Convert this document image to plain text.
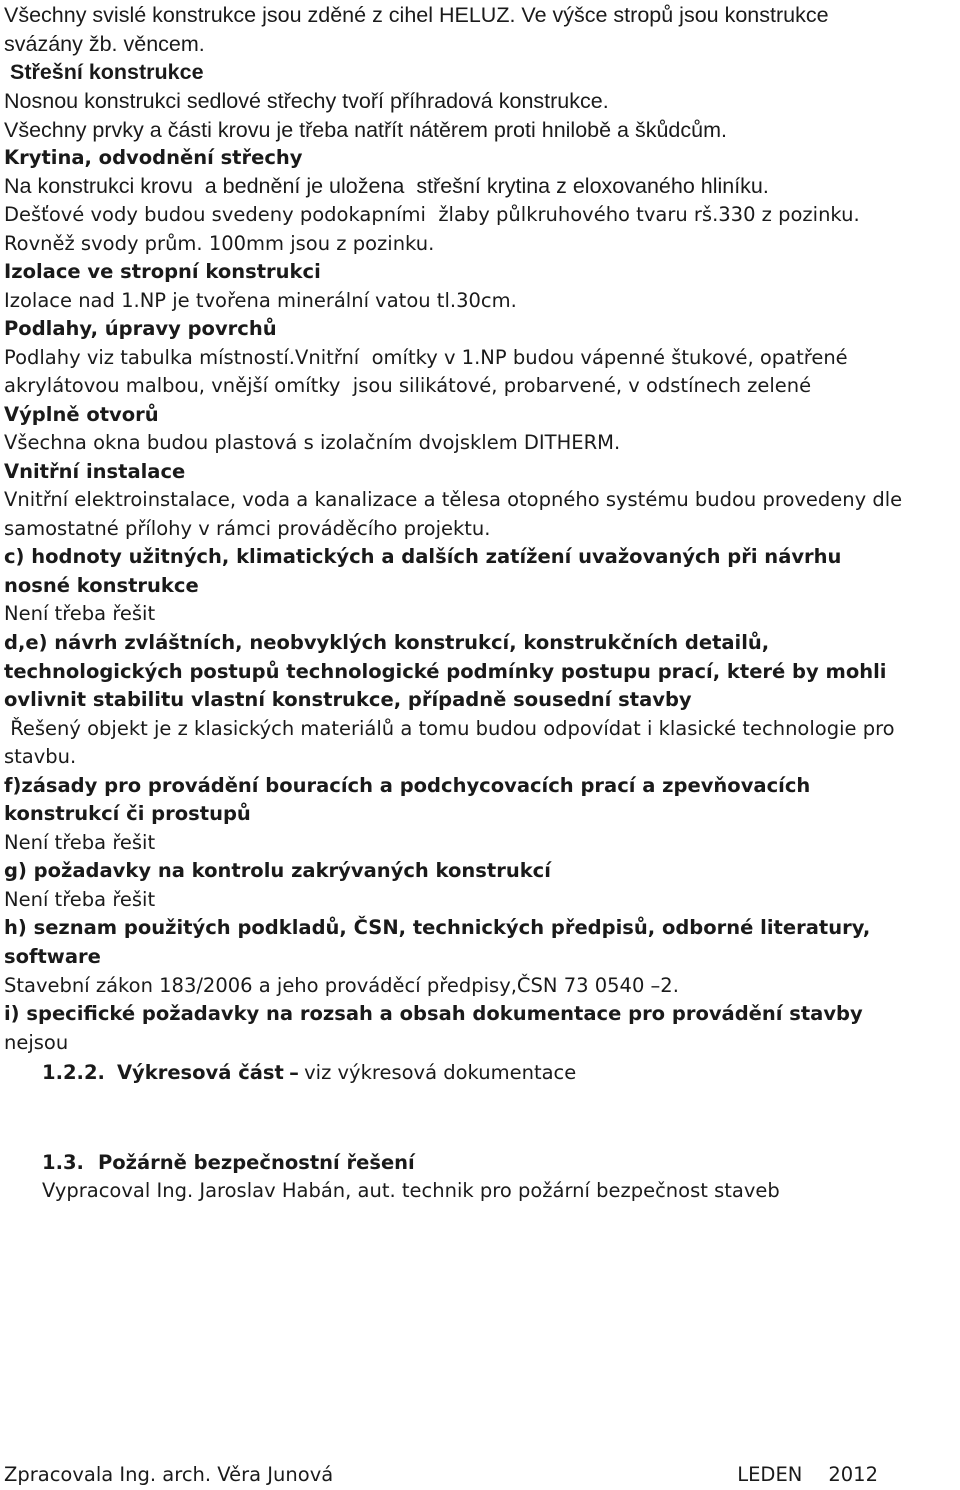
Všechny svislé konstrukce jsou zděné z cihel HELUZ. Ve výšce stropů jsou konstrukce

svázány žb. věncem.

Střešní konstrukce

Nosnou konstrukci sedlové střechy tvoří příhradová konstrukce.

Všechny prvky a části krovu je třeba natřít nátěrem proti hnilobě a škůdcům.

Krytina, odvodnění střechy

Na konstrukci krovu  a bednění je uložena  střešní krytina z eloxovaného hliníku.

Dešťové vody budou svedeny podokapními  žlaby půlkruhového tvaru rš.330 z pozinku.

Rovněž svody prům. 100mm jsou z pozinku.

Izolace ve stropní konstrukci

Izolace nad 1.NP je tvořena minerální vatou tl.30cm.

Podlahy, úpravy povrchů

Podlahy viz tabulka místností.Vnitřní  omítky v 1.NP budou vápenné štukové, opatřené

akrylátovou malbou, vnější omítky  jsou silikátové, probarvené, v odstínech zelené

Výplně otvorů

Všechna okna budou plastová s izolačním dvojsklem DITHERM.

Vnitřní instalace

Vnitřní elektroinstalace, voda a kanalizace a tělesa otopného systému budou provedeny dle

samostatné přílohy v rámci prováděcího projektu.

c) hodnoty užitných, klimatických a dalších zatížení uvažovaných při návrhu

nosné konstrukce

Není třeba řešit

d,e) návrh zvláštních, neobvyklých konstrukcí, konstrukčních detailů,

technologických postupů technologické podmínky postupu prací, které by mohli

ovlivnit stabilitu vlastní konstrukce, případně sousední stavby

Řešený objekt je z klasických materiálů a tomu budou odpovídat i klasické technologie pro

stavbu.

f)zásady pro provádění bouracích a podchycovacích prací a zpevňovacích

konstrukcí či prostupů

Není třeba řešit

g) požadavky na kontrolu zakrývaných konstrukcí

Není třeba řešit

h) seznam použitých podkladů, ČSN, technických předpisů, odborné literatury,

software

Stavební zákon 183/2006 a jeho prováděcí předpisy,ČSN 73 0540 –2.

i) specifické požadavky na rozsah a obsah dokumentace pro provádění stavby

nejsou

1.2.2. Výkresová část – viz výkresová dokumentace

1.3. Požárně bezpečnostní řešení

Vypracoval Ing. Jaroslav Habán, aut. technik pro požární bezpečnost staveb

Zpracovala Ing. arch. Věra Junová	LEDEN 2012
